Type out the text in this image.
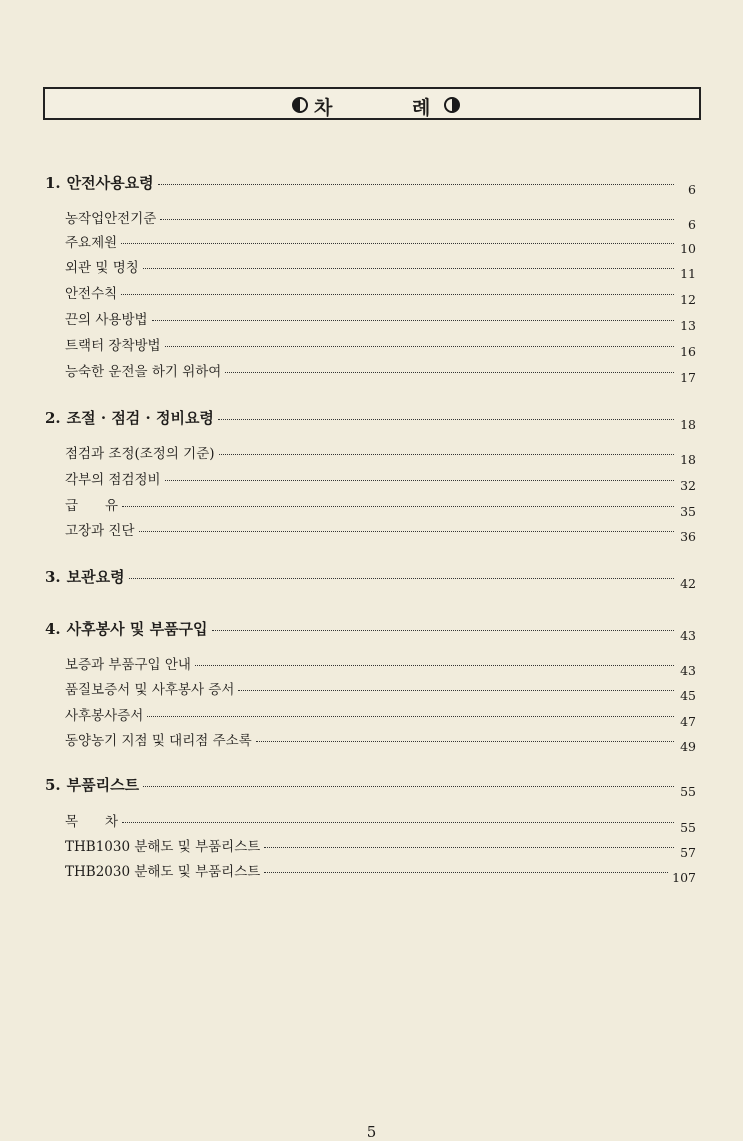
차	례
1. 안전사용요령	6
농작업안전기준	6
주요제원	10
외관 및 명칭	11
안전수칙	12
끈의 사용방법	13
트랙터 장착방법	16
능숙한 운전을 하기 위하여	17
2. 조절 · 점검 · 정비요령	18
점검과 조정(조정의 기준)	18
각부의 점검정비	32
급　　유	35
고장과 진단	36
3. 보관요령	42
4. 사후봉사 및 부품구입	43
보증과 부품구입 안내	43
품질보증서 및 사후봉사 증서	45
사후봉사증서	47
동양농기 지점 및 대리점 주소록	49
5. 부품리스트	55
목　　차	55
THB1030 분해도 및 부품리스트	57
THB2030 분해도 및 부품리스트	107
5
